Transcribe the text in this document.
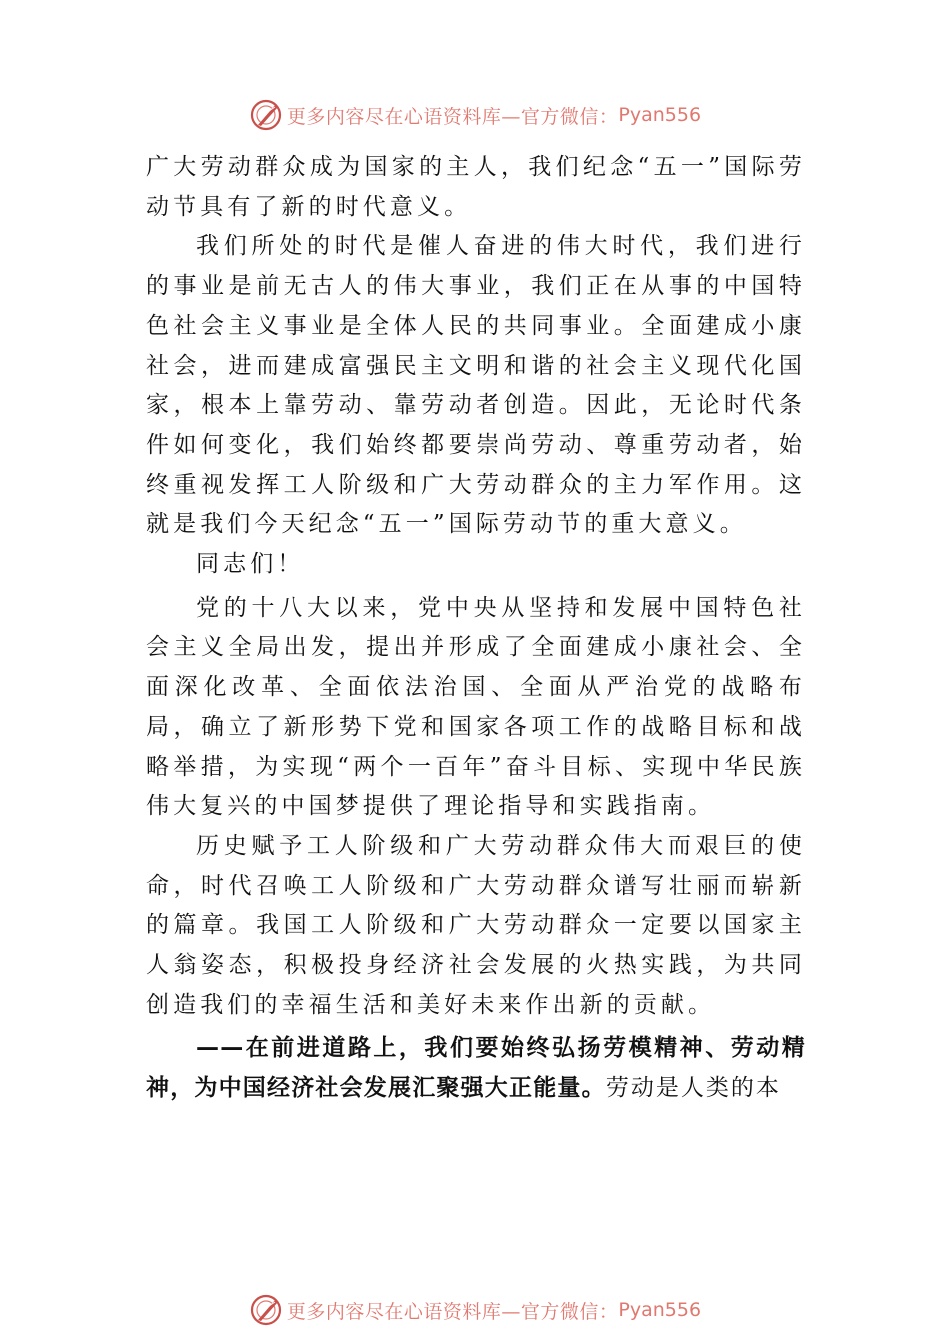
更多内容尽在心语资料库—官方微信： Pyan556

广大劳动群众成为国家的主人，我们纪念“五一”国际劳动节具有了新的时代意义。

我们所处的时代是催人奋进的伟大时代，我们进行的事业是前无古人的伟大事业，我们正在从事的中国特色社会主义事业是全体人民的共同事业。全面建成小康社会，进而建成富强民主文明和谐的社会主义现代化国家，根本上靠劳动、靠劳动者创造。因此，无论时代条件如何变化，我们始终都要崇尚劳动、尊重劳动者，始终重视发挥工人阶级和广大劳动群众的主力军作用。这就是我们今天纪念“五一”国际劳动节的重大意义。

同志们！

党的十八大以来，党中央从坚持和发展中国特色社会主义全局出发，提出并形成了全面建成小康社会、全面深化改革、全面依法治国、全面从严治党的战略布局，确立了新形势下党和国家各项工作的战略目标和战略举措，为实现“两个一百年”奋斗目标、实现中华民族伟大复兴的中国梦提供了理论指导和实践指南。

历史赋予工人阶级和广大劳动群众伟大而艰巨的使命，时代召唤工人阶级和广大劳动群众谱写壮丽而崭新的篇章。我国工人阶级和广大劳动群众一定要以国家主人翁姿态，积极投身经济社会发展的火热实践，为共同创造我们的幸福生活和美好未来作出新的贡献。

——在前进道路上，我们要始终弘扬劳模精神、劳动精神，为中国经济社会发展汇聚强大正能量。劳动是人类的本

更多内容尽在心语资料库—官方微信： Pyan556
